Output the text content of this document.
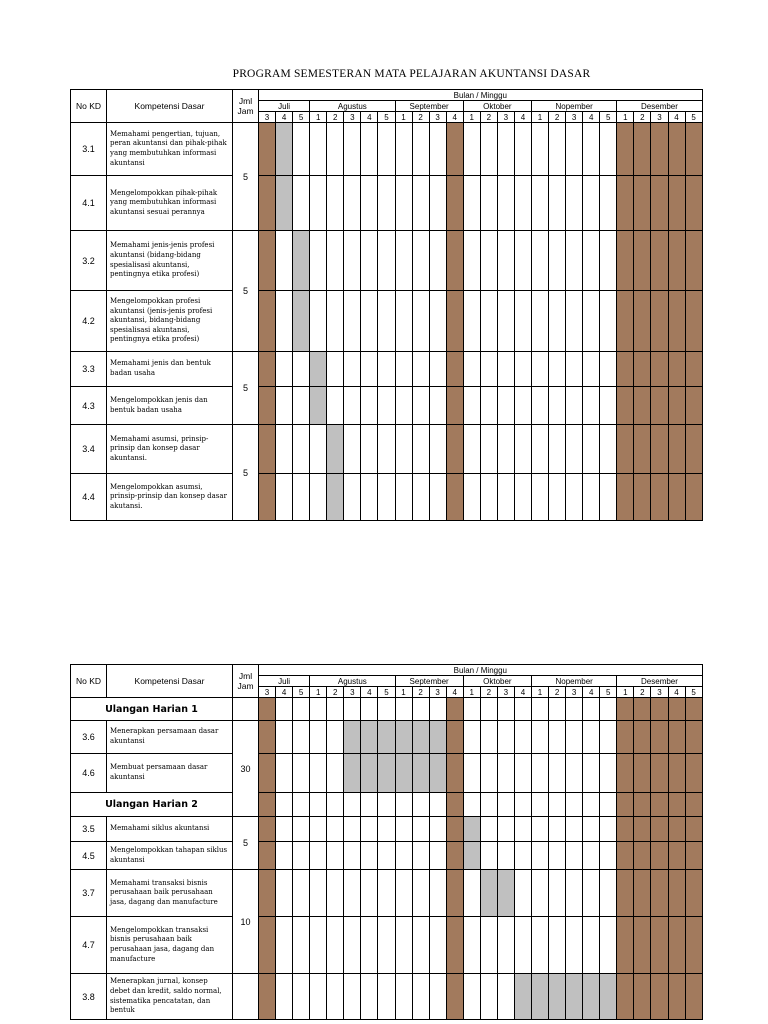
PROGRAM SEMESTERAN MATA PELAJARAN AKUNTANSI DASAR
No KD	Kompetensi Dasar	Jml Jam	Bulan / Minggu																									
			Juli			Agustus					September				Oktober				Nopember					Desember				
			3	4	5	1	2	3	4	5	1	2	3	4	1	2	3	4	1	2	3	4	5	1	2	3	4	5
3.1	Memahami pengertian, tujuan, peran akuntansi dan pihak-pihak yang membutuhkan informasi akuntansi	5																										
4.1	Mengelompokkan pihak-pihak yang membutuhkan informasi akuntansi sesuai perannya																											
3.2	Memahami jenis-jenis profesi akuntansi (bidang-bidang spesialisasi akuntansi, pentingnya etika profesi)	5																										
4.2	Mengelompokkan profesi akuntansi (jenis-jenis profesi akuntansi, bidang-bidang spesialisasi akuntansi, pentingnya etika profesi)																											
3.3	Memahami jenis dan bentuk badan usaha	5																										
4.3	Mengelompokkan jenis dan bentuk badan usaha																											
3.4	Memahami asumsi, prinsip-prinsip dan konsep dasar akuntansi.	5																										
4.4	Mengelompokkan asumsi, prinsip-prinsip dan konsep dasar akutansi.																											
No KD	Kompetensi Dasar	Jml Jam	Bulan / Minggu																									
			Juli			Agustus					September				Oktober				Nopember					Desember				
			3	4	5	1	2	3	4	5	1	2	3	4	1	2	3	4	1	2	3	4	5	1	2	3	4	5
Ulangan Harian 1																												
3.6	Menerapkan persamaan dasar akuntansi	30																										
4.6	Membuat persamaan dasar akuntansi																											
Ulangan Harian 2																												
3.5	Memahami siklus akuntansi	5																										
4.5	Mengelompokkan tahapan siklus akuntansi																											
3.7	Memahami transaksi bisnis perusahaan baik perusahaan jasa, dagang dan manufacture	10																										
4.7	Mengelompokkan transaksi bisnis perusahaan baik perusahaan jasa, dagang dan manufacture																											
3.8	Menerapkan jurnal, konsep debet dan kredit, saldo normal, sistematika pencatatan, dan bentuk																											
